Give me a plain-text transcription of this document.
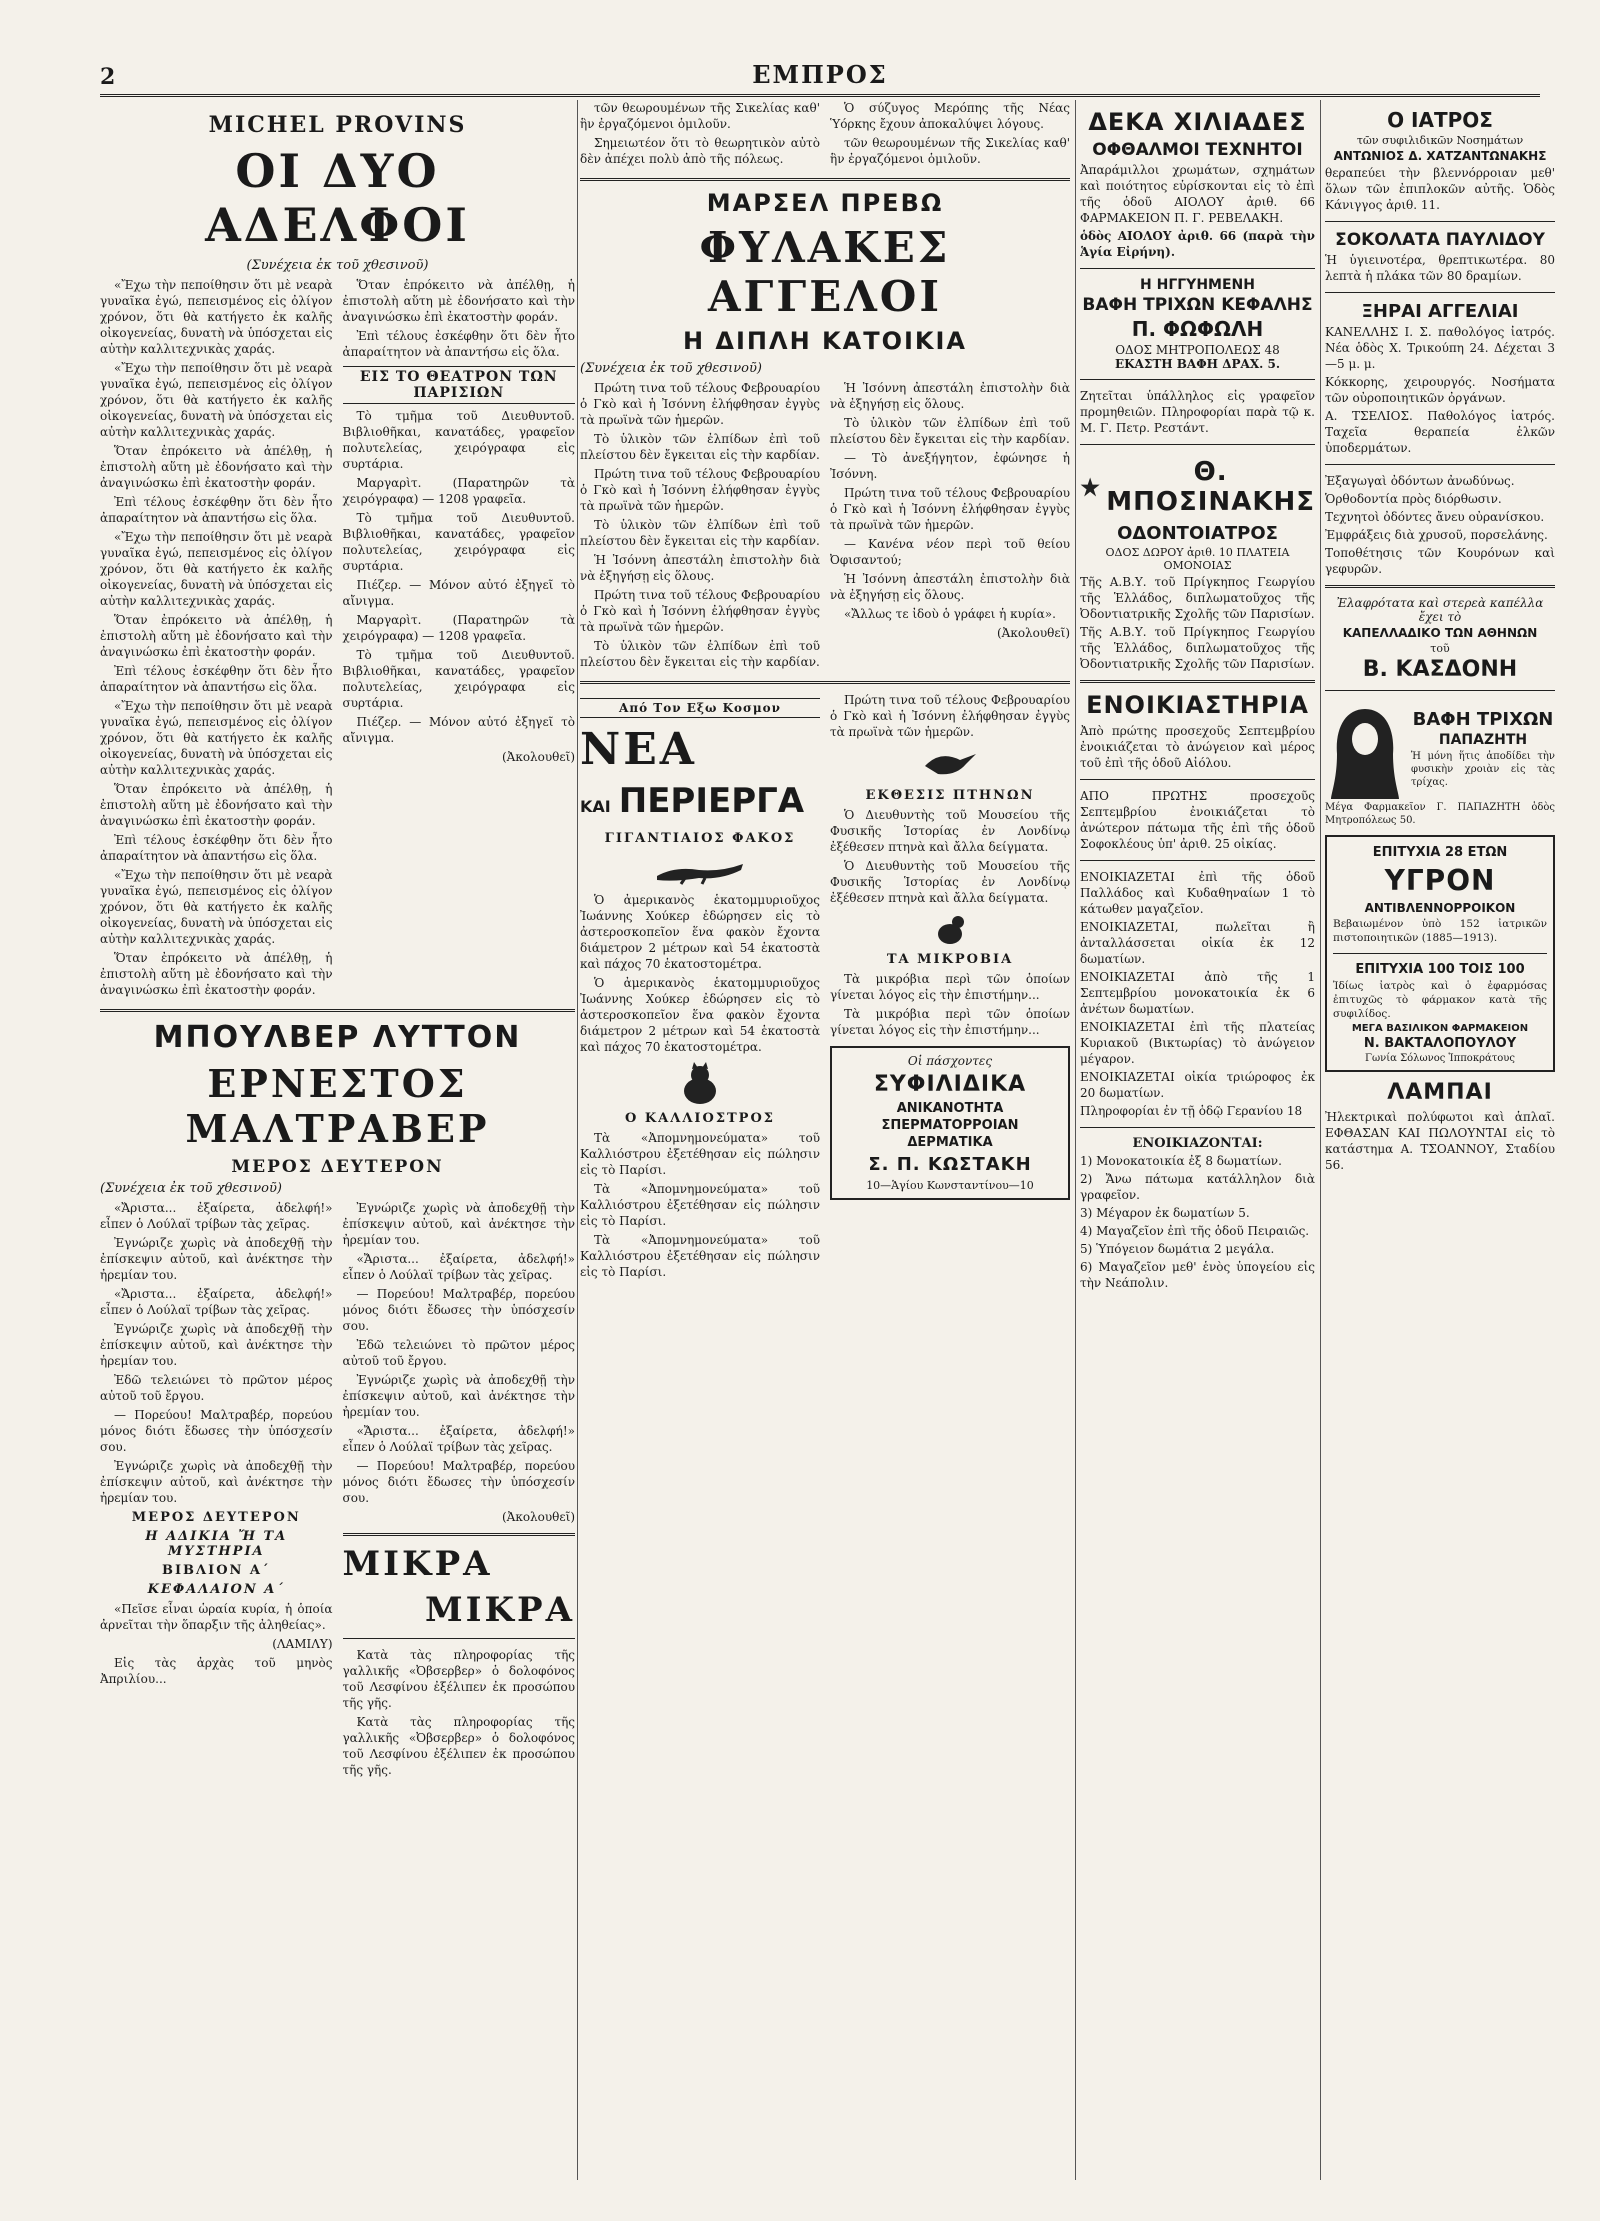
2	ΕΜΠΡΟΣ
MICHEL PROVINS
ΟΙ ΔΥΟ ΑΔΕΛΦΟΙ
(Συνέχεια ἐκ τοῦ χθεσινοῦ)

«Ἔχω τὴν πεποίθησιν ὅτι μὲ νεαρὰ γυναῖκα ἐγώ, πεπεισμένος εἰς ὀλίγον χρόνον, ὅτι θὰ κατήγετο ἐκ καλῆς οἰκογενείας, δυνατὴ νὰ ὑπόσχεται εἰς αὐτὴν καλλιτεχνικὰς χαράς.

«Ἔχω τὴν πεποίθησιν ὅτι μὲ νεαρὰ γυναῖκα ἐγώ, πεπεισμένος εἰς ὀλίγον χρόνον, ὅτι θὰ κατήγετο ἐκ καλῆς οἰκογενείας, δυνατὴ νὰ ὑπόσχεται εἰς αὐτὴν καλλιτεχνικὰς χαράς.

Ὅταν ἐπρόκειτο νὰ ἀπέλθῃ, ἡ ἐπιστολὴ αὕτη μὲ ἐδονήσατο καὶ τὴν ἀναγινώσκω ἐπὶ ἐκατοστὴν φοράν.

Ἐπὶ τέλους ἐσκέφθην ὅτι δὲν ἦτο ἀπαραίτητον νὰ ἀπαντήσω εἰς ὅλα.

«Ἔχω τὴν πεποίθησιν ὅτι μὲ νεαρὰ γυναῖκα ἐγώ, πεπεισμένος εἰς ὀλίγον χρόνον, ὅτι θὰ κατήγετο ἐκ καλῆς οἰκογενείας, δυνατὴ νὰ ὑπόσχεται εἰς αὐτὴν καλλιτεχνικὰς χαράς.

Ὅταν ἐπρόκειτο νὰ ἀπέλθῃ, ἡ ἐπιστολὴ αὕτη μὲ ἐδονήσατο καὶ τὴν ἀναγινώσκω ἐπὶ ἐκατοστὴν φοράν.

Ἐπὶ τέλους ἐσκέφθην ὅτι δὲν ἦτο ἀπαραίτητον νὰ ἀπαντήσω εἰς ὅλα.

«Ἔχω τὴν πεποίθησιν ὅτι μὲ νεαρὰ γυναῖκα ἐγώ, πεπεισμένος εἰς ὀλίγον χρόνον, ὅτι θὰ κατήγετο ἐκ καλῆς οἰκογενείας, δυνατὴ νὰ ὑπόσχεται εἰς αὐτὴν καλλιτεχνικὰς χαράς.

Ὅταν ἐπρόκειτο νὰ ἀπέλθῃ, ἡ ἐπιστολὴ αὕτη μὲ ἐδονήσατο καὶ τὴν ἀναγινώσκω ἐπὶ ἐκατοστὴν φοράν.

Ἐπὶ τέλους ἐσκέφθην ὅτι δὲν ἦτο ἀπαραίτητον νὰ ἀπαντήσω εἰς ὅλα.

«Ἔχω τὴν πεποίθησιν ὅτι μὲ νεαρὰ γυναῖκα ἐγώ, πεπεισμένος εἰς ὀλίγον χρόνον, ὅτι θὰ κατήγετο ἐκ καλῆς οἰκογενείας, δυνατὴ νὰ ὑπόσχεται εἰς αὐτὴν καλλιτεχνικὰς χαράς.

Ὅταν ἐπρόκειτο νὰ ἀπέλθῃ, ἡ ἐπιστολὴ αὕτη μὲ ἐδονήσατο καὶ τὴν ἀναγινώσκω ἐπὶ ἐκατοστὴν φοράν.

Ὅταν ἐπρόκειτο νὰ ἀπέλθῃ, ἡ ἐπιστολὴ αὕτη μὲ ἐδονήσατο καὶ τὴν ἀναγινώσκω ἐπὶ ἐκατοστὴν φοράν.

Ἐπὶ τέλους ἐσκέφθην ὅτι δὲν ἦτο ἀπαραίτητον νὰ ἀπαντήσω εἰς ὅλα.

ΕΙΣ ΤΟ ΘΕΑΤΡΟΝ ΤΩΝ ΠΑΡΙΣΙΩΝ

Τὸ τμῆμα τοῦ Διευθυντοῦ. Βιβλιοθῆκαι, κανατάδες, γραφεῖον πολυτελείας, χειρόγραφα εἰς συρτάρια.

Μαργαρὶτ. (Παρατηρῶν τὰ χειρόγραφα) — 1208 γραφεῖα.

Τὸ τμῆμα τοῦ Διευθυντοῦ. Βιβλιοθῆκαι, κανατάδες, γραφεῖον πολυτελείας, χειρόγραφα εἰς συρτάρια.

Πιέζερ. — Μόνον αὐτό ἐξηγεῖ τὸ αἴνιγμα.

Μαργαρὶτ. (Παρατηρῶν τὰ χειρόγραφα) — 1208 γραφεῖα.

Τὸ τμῆμα τοῦ Διευθυντοῦ. Βιβλιοθῆκαι, κανατάδες, γραφεῖον πολυτελείας, χειρόγραφα εἰς συρτάρια.

Πιέζερ. — Μόνον αὐτό ἐξηγεῖ τὸ αἴνιγμα.

(Ἀκολουθεῖ)

ΜΠΟΥΛΒΕΡ ΛΥΤΤΟΝ
ΕΡΝΕΣΤΟΣ ΜΑΛΤΡΑΒΕΡ
ΜΕΡΟΣ ΔΕΥΤΕΡΟΝ
(Συνέχεια ἐκ τοῦ χθεσινοῦ)

«Ἄριστα... ἐξαίρετα, ἀδελφή!» εἶπεν ὁ Λούλαϊ τρίβων τὰς χεῖρας.

Ἐγνώριζε χωρὶς νὰ ἀποδεχθῇ τὴν ἐπίσκεψιν αὐτοῦ, καὶ ἀνέκτησε τὴν ἠρεμίαν του.

«Ἄριστα... ἐξαίρετα, ἀδελφή!» εἶπεν ὁ Λούλαϊ τρίβων τὰς χεῖρας.

Ἐγνώριζε χωρὶς νὰ ἀποδεχθῇ τὴν ἐπίσκεψιν αὐτοῦ, καὶ ἀνέκτησε τὴν ἠρεμίαν του.

Ἐδῶ τελειώνει τὸ πρῶτον μέρος αὐτοῦ τοῦ ἔργου.

— Πορεύου! Μαλτραβέρ, πορεύου μόνος διότι ἔδωσες τὴν ὑπόσχεσίν σου.

Ἐγνώριζε χωρὶς νὰ ἀποδεχθῇ τὴν ἐπίσκεψιν αὐτοῦ, καὶ ἀνέκτησε τὴν ἠρεμίαν του.

ΜΕΡΟΣ ΔΕΥΤΕΡΟΝ
Η ΑΔΙΚΙΑ Ἤ ΤΑ ΜΥΣΤΗΡΙΑ
ΒΙΒΛΙΟΝ Α΄
ΚΕΦΑΛΑΙΟΝ Α΄

«Πεῖσε εἶναι ὡραία κυρία, ἡ ὁποία ἀρνεῖται τὴν ὅπαρξιν τῆς ἀληθείας».

(ΛΑΜΙΛΥ)

Εἰς τὰς ἀρχὰς τοῦ μηνὸς Ἀπριλίου...

Ἐγνώριζε χωρὶς νὰ ἀποδεχθῇ τὴν ἐπίσκεψιν αὐτοῦ, καὶ ἀνέκτησε τὴν ἠρεμίαν του.

«Ἄριστα... ἐξαίρετα, ἀδελφή!» εἶπεν ὁ Λούλαϊ τρίβων τὰς χεῖρας.

— Πορεύου! Μαλτραβέρ, πορεύου μόνος διότι ἔδωσες τὴν ὑπόσχεσίν σου.

Ἐδῶ τελειώνει τὸ πρῶτον μέρος αὐτοῦ τοῦ ἔργου.

Ἐγνώριζε χωρὶς νὰ ἀποδεχθῇ τὴν ἐπίσκεψιν αὐτοῦ, καὶ ἀνέκτησε τὴν ἠρεμίαν του.

«Ἄριστα... ἐξαίρετα, ἀδελφή!» εἶπεν ὁ Λούλαϊ τρίβων τὰς χεῖρας.

— Πορεύου! Μαλτραβέρ, πορεύου μόνος διότι ἔδωσες τὴν ὑπόσχεσίν σου.

(Ἀκολουθεῖ)

ΜΙΚΡΑ
ΜΙΚΡΑ

Κατὰ τὰς πληροφορίας τῆς γαλλικῆς «Ὀβσερβερ» ὁ δολοφόνος τοῦ Λεσφίνου ἐξέλιπεν ἐκ προσώπου τῆς γῆς.

Κατὰ τὰς πληροφορίας τῆς γαλλικῆς «Ὀβσερβερ» ὁ δολοφόνος τοῦ Λεσφίνου ἐξέλιπεν ἐκ προσώπου τῆς γῆς.

τῶν θεωρουμένων τῆς Σικελίας καθ' ἣν ἐργαζόμενοι ὁμιλοῦν.

Σημειωτέον ὅτι τὸ θεωρητικὸν αὐτὸ δὲν ἀπέχει πολὺ ἀπὸ τῆς πόλεως.

Ὁ σύζυγος Μερόπης τῆς Νέας Ὑόρκης ἔχουν ἀποκαλύψει λόγους.

τῶν θεωρουμένων τῆς Σικελίας καθ' ἣν ἐργαζόμενοι ὁμιλοῦν.

ΜΑΡΣΕΛ ΠΡΕΒΩ
ΦΥΛΑΚΕΣ ΑΓΓΕΛΟΙ
Η ΔΙΠΛΗ ΚΑΤΟΙΚΙΑ
(Συνέχεια ἐκ τοῦ χθεσινοῦ)

Πρώτη τινα τοῦ τέλους Φεβρουαρίου ὁ Γκὸ καὶ ἡ Ἰσόννη ἐλήφθησαν ἐγγὺς τὰ πρωϊνὰ τῶν ἡμερῶν.

Τὸ ὑλικὸν τῶν ἐλπίδων ἐπὶ τοῦ πλείστου δὲν ἔγκειται εἰς τὴν καρδίαν.

Πρώτη τινα τοῦ τέλους Φεβρουαρίου ὁ Γκὸ καὶ ἡ Ἰσόννη ἐλήφθησαν ἐγγὺς τὰ πρωϊνὰ τῶν ἡμερῶν.

Τὸ ὑλικὸν τῶν ἐλπίδων ἐπὶ τοῦ πλείστου δὲν ἔγκειται εἰς τὴν καρδίαν.

Ἡ Ἰσόννη ἀπεστάλη ἐπιστολὴν διὰ νὰ ἐξηγήσῃ εἰς ὅλους.

Πρώτη τινα τοῦ τέλους Φεβρουαρίου ὁ Γκὸ καὶ ἡ Ἰσόννη ἐλήφθησαν ἐγγὺς τὰ πρωϊνὰ τῶν ἡμερῶν.

Τὸ ὑλικὸν τῶν ἐλπίδων ἐπὶ τοῦ πλείστου δὲν ἔγκειται εἰς τὴν καρδίαν.

Ἡ Ἰσόννη ἀπεστάλη ἐπιστολὴν διὰ νὰ ἐξηγήσῃ εἰς ὅλους.

Τὸ ὑλικὸν τῶν ἐλπίδων ἐπὶ τοῦ πλείστου δὲν ἔγκειται εἰς τὴν καρδίαν.

— Τὸ ἀνεξήγητον, ἐφώνησε ἡ Ἰσόννη.

Πρώτη τινα τοῦ τέλους Φεβρουαρίου ὁ Γκὸ καὶ ἡ Ἰσόννη ἐλήφθησαν ἐγγὺς τὰ πρωϊνὰ τῶν ἡμερῶν.

— Κανένα νέον περὶ τοῦ θείου Ὀφισαντού;

Ἡ Ἰσόννη ἀπεστάλη ἐπιστολὴν διὰ νὰ ἐξηγήσῃ εἰς ὅλους.

«Ἄλλως τε ἰδοὺ ὁ γράφει ἡ κυρία».

(Ἀκολουθεῖ)

Από Τον Εξω Κοσμον
ΝΕΑ
ΚΑΙ ΠΕΡΙΕΡΓΑ
ΓΙΓΑΝΤΙΑΙΟΣ ΦΑΚΟΣ

Ὁ ἀμερικανὸς ἑκατομμυριοῦχος Ἰωάννης Χούκερ ἐδώρησεν εἰς τὸ ἀστεροσκοπεῖον ἕνα φακὸν ἔχοντα διάμετρον 2 μέτρων καὶ 54 ἑκατοστὰ καὶ πάχος 70 ἑκατοστομέτρα.

Ὁ ἀμερικανὸς ἑκατομμυριοῦχος Ἰωάννης Χούκερ ἐδώρησεν εἰς τὸ ἀστεροσκοπεῖον ἕνα φακὸν ἔχοντα διάμετρον 2 μέτρων καὶ 54 ἑκατοστὰ καὶ πάχος 70 ἑκατοστομέτρα.

Ο ΚΑΛΛΙΟΣΤΡΟΣ

Τὰ «Ἀπομνημονεύματα» τοῦ Καλλιόστρου ἐξετέθησαν εἰς πώλησιν εἰς τὸ Παρίσι.

Τὰ «Ἀπομνημονεύματα» τοῦ Καλλιόστρου ἐξετέθησαν εἰς πώλησιν εἰς τὸ Παρίσι.

Τὰ «Ἀπομνημονεύματα» τοῦ Καλλιόστρου ἐξετέθησαν εἰς πώλησιν εἰς τὸ Παρίσι.

Πρώτη τινα τοῦ τέλους Φεβρουαρίου ὁ Γκὸ καὶ ἡ Ἰσόννη ἐλήφθησαν ἐγγὺς τὰ πρωϊνὰ τῶν ἡμερῶν.

ΕΚΘΕΣΙΣ ΠΤΗΝΩΝ

Ὁ Διευθυντὴς τοῦ Μουσείου τῆς Φυσικῆς Ἱστορίας ἐν Λονδίνῳ ἐξέθεσεν πτηνὰ καὶ ἄλλα δείγματα.

Ὁ Διευθυντὴς τοῦ Μουσείου τῆς Φυσικῆς Ἱστορίας ἐν Λονδίνῳ ἐξέθεσεν πτηνὰ καὶ ἄλλα δείγματα.

ΤΑ ΜΙΚΡΟΒΙΑ

Τὰ μικρόβια περὶ τῶν ὁποίων γίνεται λόγος εἰς τὴν ἐπιστήμην...

Τὰ μικρόβια περὶ τῶν ὁποίων γίνεται λόγος εἰς τὴν ἐπιστήμην...

Οἱ πάσχοντες
ΣΥΦΙΛΙΔΙΚΑ
ΑΝΙΚΑΝΟΤΗΤΑ
ΣΠΕΡΜΑΤΟΡΡΟΙΑΝ
ΔΕΡΜΑΤΙΚΑ
Σ. Π. ΚΩΣΤΑΚΗ
10—Ἁγίου Κωνσταντίνου—10
ΔΕΚΑ ΧΙΛΙΑΔΕΣ
ΟΦΘΑΛΜΟΙ ΤΕΧΝΗΤΟΙ

Ἀπαράμιλλοι χρωμάτων, σχημάτων καὶ ποιότητος εὑρίσκονται εἰς τὸ ἐπὶ τῆς ὁδοῦ ΑΙΟΛΟΥ ἀριθ. 66 ΦΑΡΜΑΚΕΙΟΝ Π. Γ. ΡΕΒΕΛΑΚΗ.

ὁδὸς ΑΙΟΛΟΥ ἀριθ. 66 (παρὰ τὴν Ἁγία Εἰρήνη).

Η ΗΓΓΥΗΜΕΝΗ
ΒΑΦΗ ΤΡΙΧΩΝ ΚΕΦΑΛΗΣ
Π. ΦΩΦΩΛΗ
ΟΔΟΣ ΜΗΤΡΟΠΟΛΕΩΣ 48
ΕΚΑΣΤΗ ΒΑΦΗ ΔΡΑΧ. 5.

Ζητεῖται ὑπάλληλος εἰς γραφεῖον προμηθειῶν. Πληροφορίαι παρὰ τῷ κ. Μ. Γ. Πετρ. Ρεστάντ.

Θ. ΜΠΟΣΙΝΑΚΗΣ
ΟΔΟΝΤΟΙΑΤΡΟΣ
ΟΔΟΣ ΔΩΡΟΥ ἀριθ. 10 ΠΛΑΤΕΙΑ ΟΜΟΝΟΙΑΣ

Τῆς Α.Β.Υ. τοῦ Πρίγκηπος Γεωργίου τῆς Ἑλλάδος, διπλωματοῦχος τῆς Ὀδοντιατρικῆς Σχολῆς τῶν Παρισίων.

Τῆς Α.Β.Υ. τοῦ Πρίγκηπος Γεωργίου τῆς Ἑλλάδος, διπλωματοῦχος τῆς Ὀδοντιατρικῆς Σχολῆς τῶν Παρισίων.

ΕΝΟΙΚΙΑΣΤΗΡΙΑ

Ἀπὸ πρώτης προσεχοῦς Σεπτεμβρίου ἐνοικιάζεται τὸ ἀνώγειον καὶ μέρος τοῦ ἐπὶ τῆς ὁδοῦ Αἰόλου.

ΑΠΟ ΠΡΩΤΗΣ προσεχοῦς Σεπτεμβρίου ἐνοικιάζεται τὸ ἀνώτερον πάτωμα τῆς ἐπὶ τῆς ὁδοῦ Σοφοκλέους ὑπ' ἀριθ. 25 οἰκίας.

ΕΝΟΙΚΙΑΖΕΤΑΙ ἐπὶ τῆς ὁδοῦ Παλλάδος καὶ Κυδαθηναίων 1 τὸ κάτωθεν μαγαζεῖον.

ΕΝΟΙΚΙΑΖΕΤΑΙ, πωλεῖται ἢ ἀνταλλάσσεται οἰκία ἐκ 12 δωματίων.

ΕΝΟΙΚΙΑΖΕΤΑΙ ἀπὸ τῆς 1 Σεπτεμβρίου μονοκατοικία ἐκ 6 ἀνέτων δωματίων.

ΕΝΟΙΚΙΑΖΕΤΑΙ ἐπὶ τῆς πλατείας Κυριακοῦ (Βικτωρίας) τὸ ἀνώγειον μέγαρον.

ΕΝΟΙΚΙΑΖΕΤΑΙ οἰκία τριώροφος ἐκ 20 δωματίων.

Πληροφορίαι ἐν τῇ ὁδῷ Γερανίου 18

ΕΝΟΙΚΙΑΖΟΝΤΑΙ:

1) Μονοκατοικία ἐξ 8 δωματίων.

2) Ἄνω πάτωμα κατάλληλον διὰ γραφεῖον.

3) Μέγαρον ἐκ δωματίων 5.

4) Μαγαζεῖον ἐπὶ τῆς ὁδοῦ Πειραιῶς.

5) Ὑπόγειον δωμάτια 2 μεγάλα.

6) Μαγαζεῖον μεθ' ἑνὸς ὑπογείου εἰς τὴν Νεάπολιν.

Ο ΙΑΤΡΟΣ
τῶν συφιλιδικῶν Νοσημάτων
ΑΝΤΩΝΙΟΣ Δ. ΧΑΤΖΑΝΤΩΝΑΚΗΣ

θεραπεύει τὴν βλεννόρροιαν μεθ' ὅλων τῶν ἐπιπλοκῶν αὐτῆς. Ὁδὸς Κάνιγγος ἀριθ. 11.

ΣΟΚΟΛΑΤΑ ΠΑΥΛΙΔΟΥ

Ἡ ὑγιεινοτέρα, θρεπτικωτέρα. 80 λεπτὰ ἡ πλάκα τῶν 80 δραμίων.

ΞΗΡΑΙ ΑΓΓΕΛΙΑΙ

ΚΑΝΕΛΛΗΣ Ι. Σ. παθολόγος ἰατρός. Νέα ὁδὸς Χ. Τρικούπη 24. Δέχεται 3—5 μ. μ.

Κόκκορης, χειρουργός. Νοσήματα τῶν οὐροποιητικῶν ὀργάνων.

Α. ΤΣΕΛΙΟΣ. Παθολόγος ἰατρός. Ταχεῖα θεραπεία ἑλκῶν ὑποδερμάτων.

Ἐξαγωγαὶ ὀδόντων ἀνωδύνως.

Ὁρθοδοντία πρὸς διόρθωσιν.

Τεχνητοὶ ὀδόντες ἄνευ οὐρανίσκου.

Ἐμφράξεις διὰ χρυσοῦ, πορσελάνης.

Τοποθέτησις τῶν Κουρόνων καὶ γεφυρῶν.

Ἐλαφρότατα καὶ στερεὰ καπέλλα ἔχει τὸ
ΚΑΠΕΛΛΑΔΙΚΟ ΤΩΝ ΑΘΗΝΩΝ
τοῦ
Β. ΚΑΣΔΟΝΗ
ΒΑΦΗ ΤΡΙΧΩΝ
ΠΑΠΑΖΗΤΗ

Ἡ μόνη ἥτις ἀποδίδει τὴν φυσικὴν χροιὰν εἰς τὰς τρίχας.

Μέγα Φαρμακεῖον Γ. ΠΑΠΑΖΗΤΗ ὁδὸς Μητροπόλεως 50.

ΕΠΙΤΥΧΙΑ 28 ΕΤΩΝ
ΥΓΡΟΝ
ΑΝΤΙΒΛΕΝΝΟΡΡΟΙΚΟΝ

Βεβαιωμένον ὑπὸ 152 ἰατρικῶν πιστοποιητικῶν (1885—1913).

ΕΠΙΤΥΧΙΑ 100 ΤΟΙΣ 100

Ἰδίως ἰατρὸς καὶ ὁ ἐφαρμόσας ἐπιτυχῶς τὸ φάρμακον κατὰ τῆς συφιλίδος.

ΜΕΓΑ ΒΑΣΙΛΙΚΟΝ ΦΑΡΜΑΚΕΙΟΝ
Ν. ΒΑΚΤΑΛΟΠΟΥΛΟΥ
Γωνία Σόλωνος Ἱπποκράτους
ΛΑΜΠΑΙ

Ἠλεκτρικαὶ πολύφωτοι καὶ ἁπλαῖ. ΕΦΘΑΣΑΝ ΚΑΙ ΠΩΛΟΥΝΤΑΙ εἰς τὸ κατάστημα Α. ΤΣΟΑΝΝΟΥ, Σταδίου 56.
